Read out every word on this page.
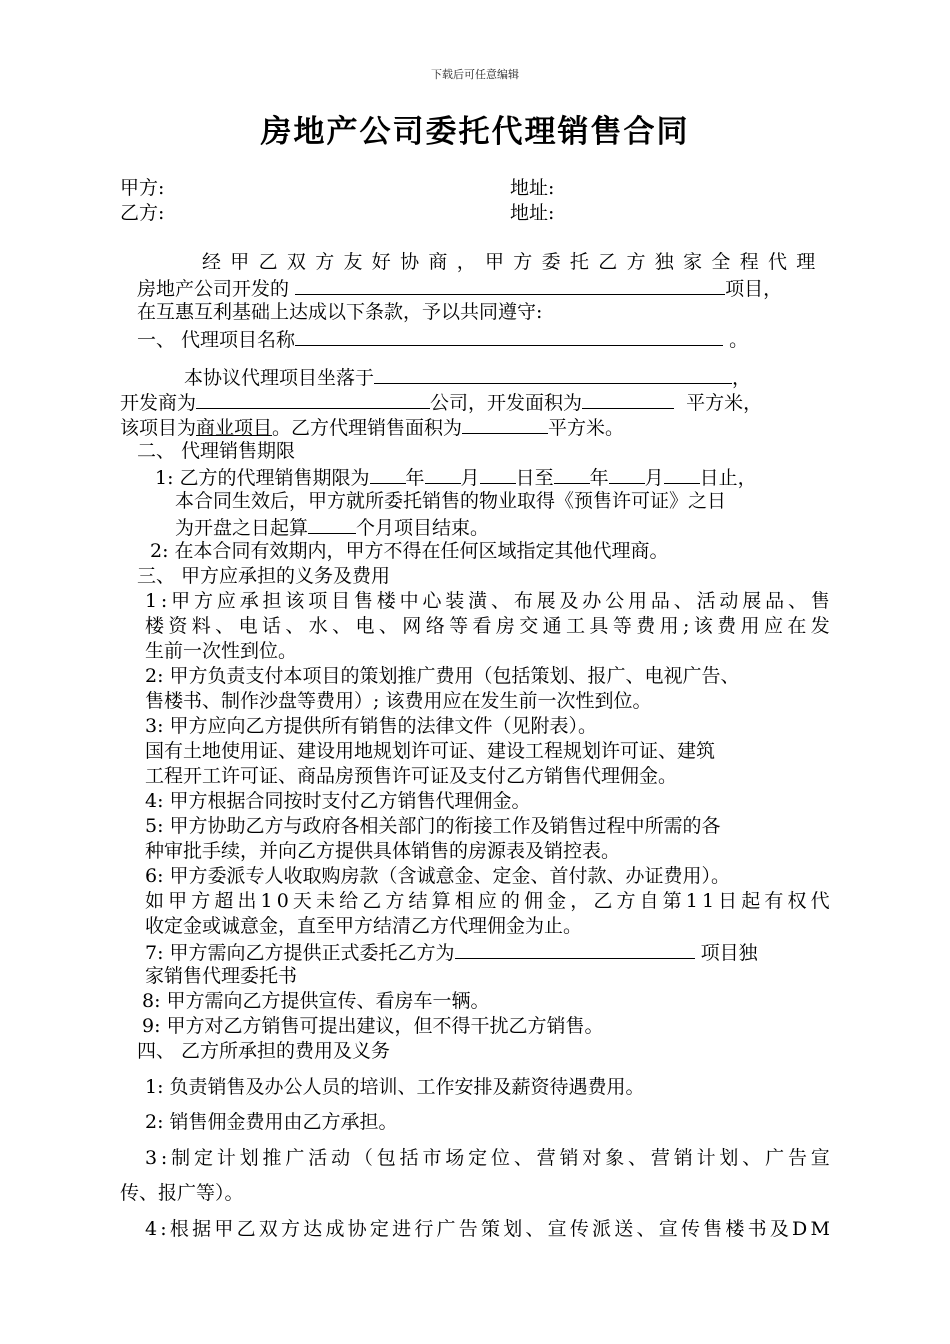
下载后可任意编辑
房地产公司委托代理销售合同
甲方:	地址:
乙方:	地址:
经甲乙双方友好协商，甲方委托乙方独家全程代理
房地产公司开发的	项目，
在互惠互利基础上达成以下条款，予以共同遵守:
一、 代理项目名称	。
本协议代理项目坐落于	，
开发商为	公司，开发面积为	平方米，
该项目为商业项目。乙方代理销售面积为	平方米。
二、 代理销售期限
1: 乙方的代理销售期限为 年 月 日至 年 月 日止，
本合同生效后，甲方就所委托销售的物业取得《预售许可证》之日
为开盘之日起算	个月项目结束。
2: 在本合同有效期内，甲方不得在任何区域指定其他代理商。
三、 甲方应承担的义务及费用
1 : 甲 方 应 承 担 该 项 目 售 楼 中 心 装 潢 、 布 展 及 办 公 用 品 、 活 动 展 品 、 售
楼 资 料 、 电 话 、 水 、 电 、 网 络 等 看 房 交 通 工 具 等 费 用 ; 该 费 用 应 在 发
生前一次性到位。
2: 甲方负责支付本项目的策划推广费用（包括策划、报广、电视广告、
售楼书、制作沙盘等费用）; 该费用应在发生前一次性到位。
3: 甲方应向乙方提供所有销售的法律文件（见附表）。
国有土地使用证、建设用地规划许可证、建设工程规划许可证、建筑
工程开工许可证、商品房预售许可证及支付乙方销售代理佣金。
4: 甲方根据合同按时支付乙方销售代理佣金。
5: 甲方协助乙方与政府各相关部门的衔接工作及销售过程中所需的各
种审批手续，并向乙方提供具体销售的房源表及销控表。
6: 甲方委派专人收取购房款（含诚意金、定金、首付款、办证费用）。
如 甲 方 超 出 1 0 天 未 给 乙 方 结 算 相 应 的 佣 金 ， 乙 方 自 第 1 1 日 起 有 权 代
收定金或诚意金，直至甲方结清乙方代理佣金为止。
7: 甲方需向乙方提供正式委托乙方为	项目独
家销售代理委托书
8: 甲方需向乙方提供宣传、看房车一辆。
9: 甲方对乙方销售可提出建议，但不得干扰乙方销售。
四、 乙方所承担的费用及义务
1: 负责销售及办公人员的培训、工作安排及薪资待遇费用。
2: 销售佣金费用由乙方承担。
3 : 制 定 计 划 推 广 活 动 （ 包 括 市 场 定 位 、 营 销 对 象 、 营 销 计 划 、 广 告 宣
传、报广等）。
4 : 根 据 甲 乙 双 方 达 成 协 定 进 行 广 告 策 划 、 宣 传 派 送 、 宣 传 售 楼 书 及 D M
